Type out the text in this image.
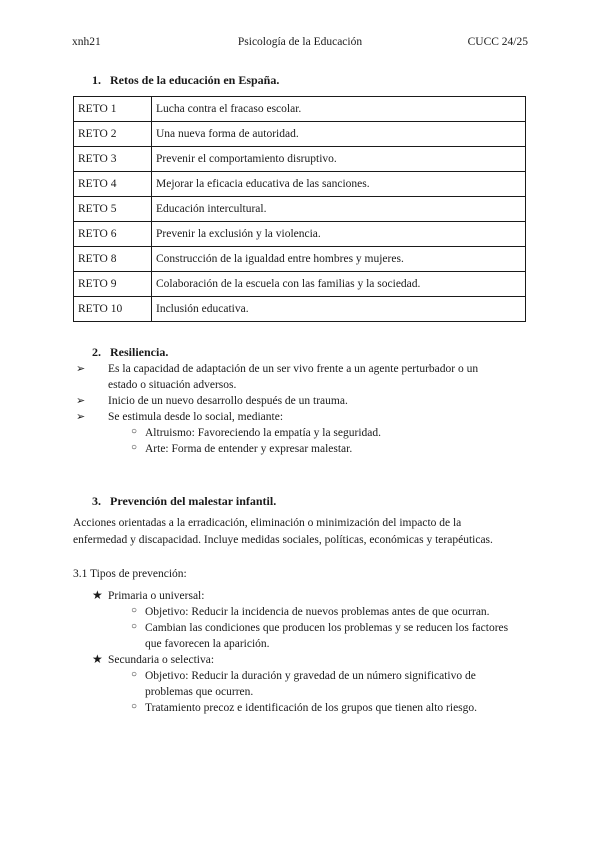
xnh21	Psicología de la Educación	CUCC 24/25
1. Retos de la educación en España.
RETO 1	Lucha contra el fracaso escolar.
RETO 2	Una nueva forma de autoridad.
RETO 3	Prevenir el comportamiento disruptivo.
RETO 4	Mejorar la eficacia educativa de las sanciones.
RETO 5	Educación intercultural.
RETO 6	Prevenir la exclusión y la violencia.
RETO 8	Construcción de la igualdad entre hombres y mujeres.
RETO 9	Colaboración de la escuela con las familias y la sociedad.
RETO 10	Inclusión educativa.
2. Resiliencia.
➢ Es la capacidad de adaptación de un ser vivo frente a un agente perturbador o un
estado o situación adversos.
➢ Inicio de un nuevo desarrollo después de un trauma.
➢ Se estimula desde lo social, mediante:
○ Altruismo: Favoreciendo la empatía y la seguridad.
○ Arte: Forma de entender y expresar malestar.
3. Prevención del malestar infantil.
Acciones orientadas a la erradicación, eliminación o minimización del impacto de la
enfermedad y discapacidad. Incluye medidas sociales, políticas, económicas y terapéuticas.
3.1 Tipos de prevención:
★ Primaria o universal:
○ Objetivo: Reducir la incidencia de nuevos problemas antes de que ocurran.
○ Cambian las condiciones que producen los problemas y se reducen los factores
que favorecen la aparición.
★ Secundaria o selectiva:
○ Objetivo: Reducir la duración y gravedad de un número significativo de
problemas que ocurren.
○ Tratamiento precoz e identificación de los grupos que tienen alto riesgo.
